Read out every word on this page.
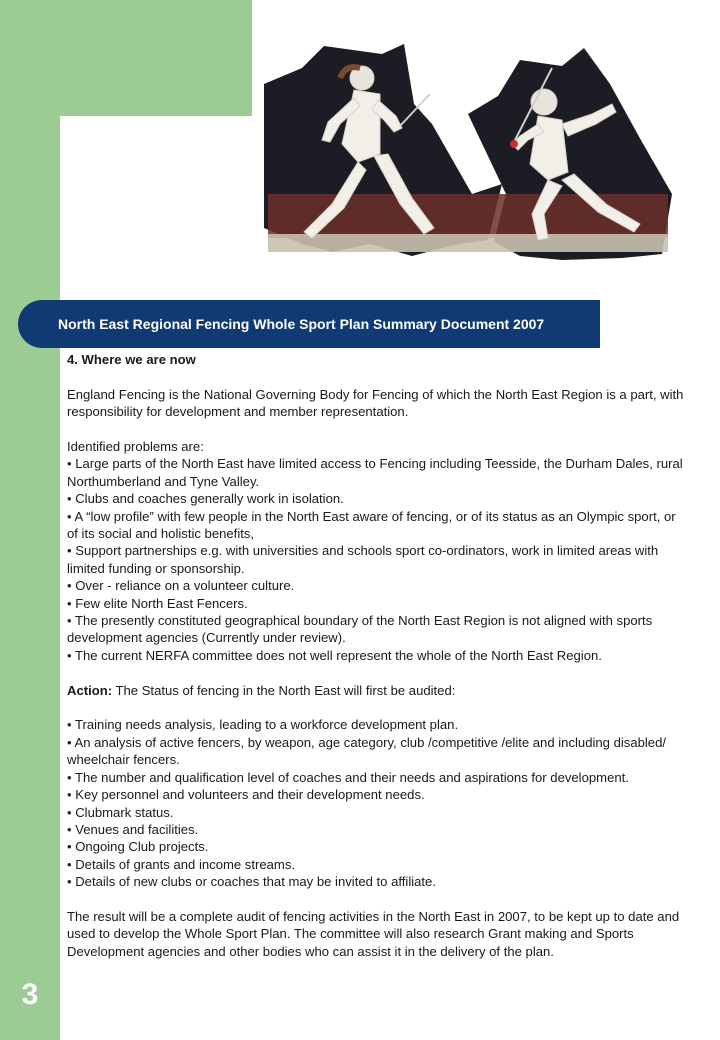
North East Regional Fencing Whole Sport Plan Summary Document 2007

4. Where we are now

England Fencing is the National Governing Body for Fencing of which the North East Region is a part, with responsibility for development and member representation.

Identified problems are:

• Large parts of the North East have limited access to Fencing including Teesside, the Durham Dales, rural Northumberland and Tyne Valley.

• Clubs and coaches generally work in isolation.

• A “low profile” with few people in the North East aware of fencing, or of its status as an Olympic sport, or of its social and holistic benefits,

• Support partnerships e.g. with universities and schools sport co-ordinators, work in limited areas with limited funding or sponsorship.

• Over - reliance on a volunteer culture.

• Few elite North East Fencers.

• The presently constituted geographical boundary of the North East Region is not aligned with sports development agencies (Currently under review).

• The current NERFA committee does not well represent the whole of the North East Region.

Action: The Status of fencing in the North East will first be audited:

• Training needs analysis, leading to a workforce development plan.

• An analysis of active fencers, by weapon, age category, club /competitive /elite and including disabled/ wheelchair fencers.

• The number and qualification level of coaches and their needs and aspirations for development.

• Key personnel and volunteers and their development needs.

• Clubmark status.

• Venues and facilities.

• Ongoing Club projects.

• Details of grants and income streams.

• Details of new clubs or coaches that may be invited to affiliate.

The result will be a complete audit of fencing activities in the North East in 2007, to be kept up to date and used to develop the Whole Sport Plan. The committee will also research Grant making and Sports Development agencies and other bodies who can assist it in the delivery of the plan.

3
